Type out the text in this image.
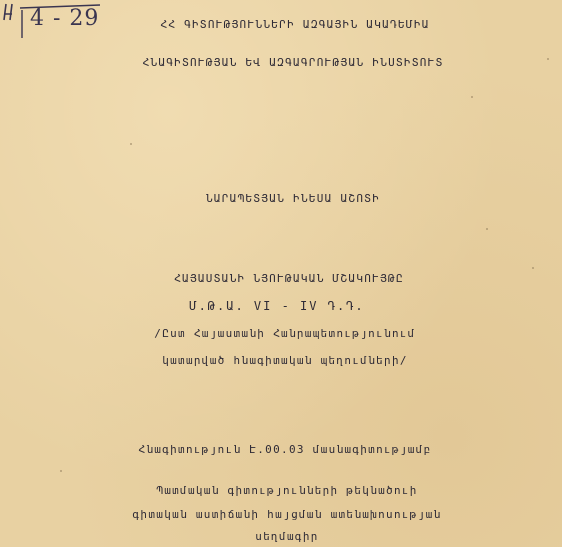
4 - 29	ՀՀ ԳԻՏՈՒԹՅՈՒՆՆԵՐԻ ԱԶԳԱՅԻՆ ԱԿԱԴԵՄԻԱ
ՀՆԱԳԻՏՈՒԹՅԱՆ ԵՎ ԱԶԳԱԳՐՈՒԹՅԱՆ ԻՆՍՏԻՏՈՒՏ
ՆԱՐԱՊԵՏՅԱՆ ԻՆԵՍԱ ԱՇՈՏԻ
ՀԱՅԱՍՏԱՆԻ ՆՅՈՒԹԱԿԱՆ ՄՇԱԿՈՒՅԹԸ
Մ.Թ.Ա. VI - IV Դ.Դ.
/Ըստ Հայաստանի Հանրապետությունում
կատարված հնագիտական պեղումների/
Հնագիտություն Է.00.03 մասնագիտությամբ
Պատմական գիտությունների թեկնածուի
գիտական աստիճանի հայցման ատենախոսության
սեղմագիր
